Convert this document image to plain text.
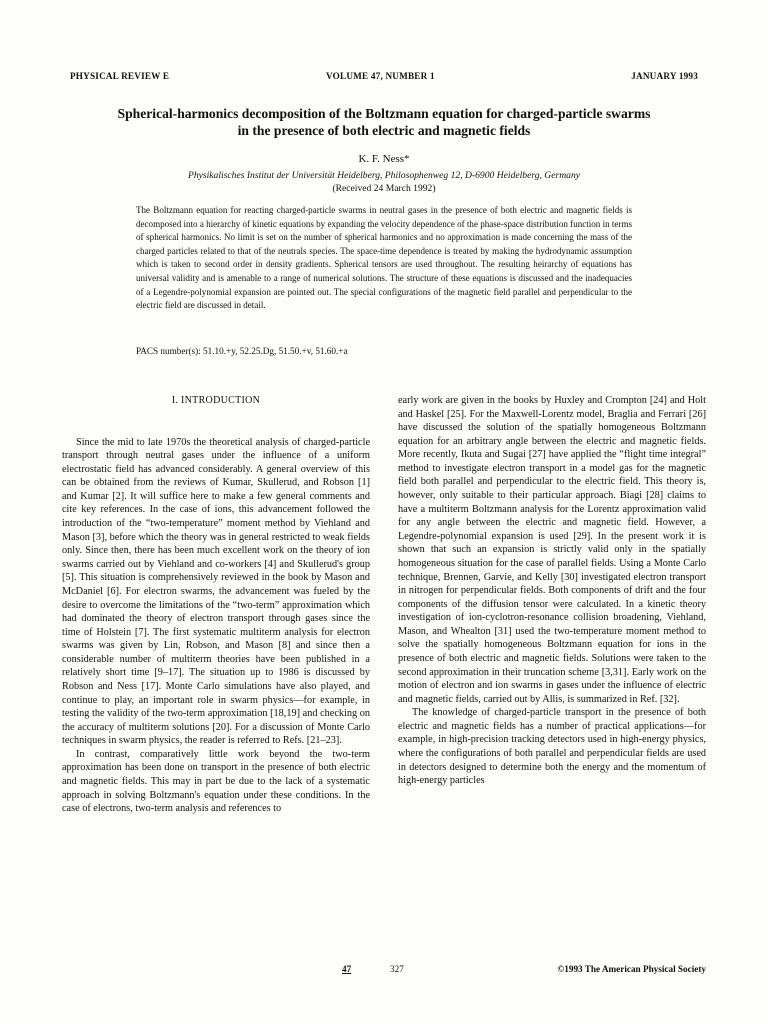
PHYSICAL REVIEW E	VOLUME 47, NUMBER 1	JANUARY 1993
Spherical-harmonics decomposition of the Boltzmann equation for charged-particle swarms
in the presence of both electric and magnetic fields
K. F. Ness*
Physikalisches Institut der Universität Heidelberg, Philosophenweg 12, D-6900 Heidelberg, Germany
(Received 24 March 1992)
The Boltzmann equation for reacting charged-particle swarms in neutral gases in the presence of both electric and magnetic fields is decomposed into a hierarchy of kinetic equations by expanding the velocity dependence of the phase-space distribution function in terms of spherical harmonics. No limit is set on the number of spherical harmonics and no approximation is made concerning the mass of the charged particles related to that of the neutrals species. The space-time dependence is treated by making the hydrodynamic assumption which is taken to second order in density gradients. Spherical tensors are used throughout. The resulting heirarchy of equations has universal validity and is amenable to a range of numerical solutions. The structure of these equations is discussed and the inadequacies of a Legendre-polynomial expansion are pointed out. The special configurations of the magnetic field parallel and perpendicular to the electric field are discussed in detail.
PACS number(s): 51.10.+y, 52.25.Dg, 51.50.+v, 51.60.+a
I. INTRODUCTION

Since the mid to late 1970s the theoretical analysis of charged-particle transport through neutral gases under the influence of a uniform electrostatic field has advanced considerably. A general overview of this can be obtained from the reviews of Kumar, Skullerud, and Robson [1] and Kumar [2]. It will suffice here to make a few general comments and cite key references. In the case of ions, this advancement followed the introduction of the “two-temperature” moment method by Viehland and Mason [3], before which the theory was in general restricted to weak fields only. Since then, there has been much excellent work on the theory of ion swarms carried out by Viehland and co-workers [4] and Skullerud's group [5]. This situation is comprehensively reviewed in the book by Mason and McDaniel [6]. For electron swarms, the advancement was fueled by the desire to overcome the limitations of the “two-term” approximation which had dominated the theory of electron transport through gases since the time of Holstein [7]. The first systematic multiterm analysis for electron swarms was given by Lin, Robson, and Mason [8] and since then a considerable number of multiterm theories have been published in a relatively short time [9–17]. The situation up to 1986 is discussed by Robson and Ness [17]. Monte Carlo simulations have also played, and continue to play, an important role in swarm physics—for example, in testing the validity of the two-term approximation [18,19] and checking on the accuracy of multiterm solutions [20]. For a discussion of Monte Carlo techniques in swarm physics, the reader is referred to Refs. [21–23].

In contrast, comparatively little work beyond the two-term approximation has been done on transport in the presence of both electric and magnetic fields. This may in part be due to the lack of a systematic approach in solving Boltzmann's equation under these conditions. In the case of electrons, two-term analysis and references to

early work are given in the books by Huxley and Crompton [24] and Holt and Haskel [25]. For the Maxwell-Lorentz model, Braglia and Ferrari [26] have discussed the solution of the spatially homogeneous Boltzmann equation for an arbitrary angle between the electric and magnetic fields. More recently, Ikuta and Sugai [27] have applied the “flight time integral” method to investigate electron transport in a model gas for the magnetic field both parallel and perpendicular to the electric field. This theory is, however, only suitable to their particular approach. Biagi [28] claims to have a multiterm Boltzmann analysis for the Lorentz approximation valid for any angle between the electric and magnetic field. However, a Legendre-polynomial expansion is used [29]. In the present work it is shown that such an expansion is strictly valid only in the spatially homogeneous situation for the case of parallel fields. Using a Monte Carlo technique, Brennen, Garvie, and Kelly [30] investigated electron transport in nitrogen for perpendicular fields. Both components of drift and the four components of the diffusion tensor were calculated. In a kinetic theory investigation of ion-cyclotron-resonance collision broadening, Viehland, Mason, and Whealton [31] used the two-temperature moment method to solve the spatially homogeneous Boltzmann equation for ions in the presence of both electric and magnetic fields. Solutions were taken to the second approximation in their truncation scheme [3,31]. Early work on the motion of electron and ion swarms in gases under the influence of electric and magnetic fields, carried out by Allis, is summarized in Ref. [32].

The knowledge of charged-particle transport in the presence of both electric and magnetic fields has a number of practical applications—for example, in high-precision tracking detectors used in high-energy physics, where the configurations of both parallel and perpendicular fields are used in detectors designed to determine both the energy and the momentum of high-energy particles

47	327	©1993 The American Physical Society
